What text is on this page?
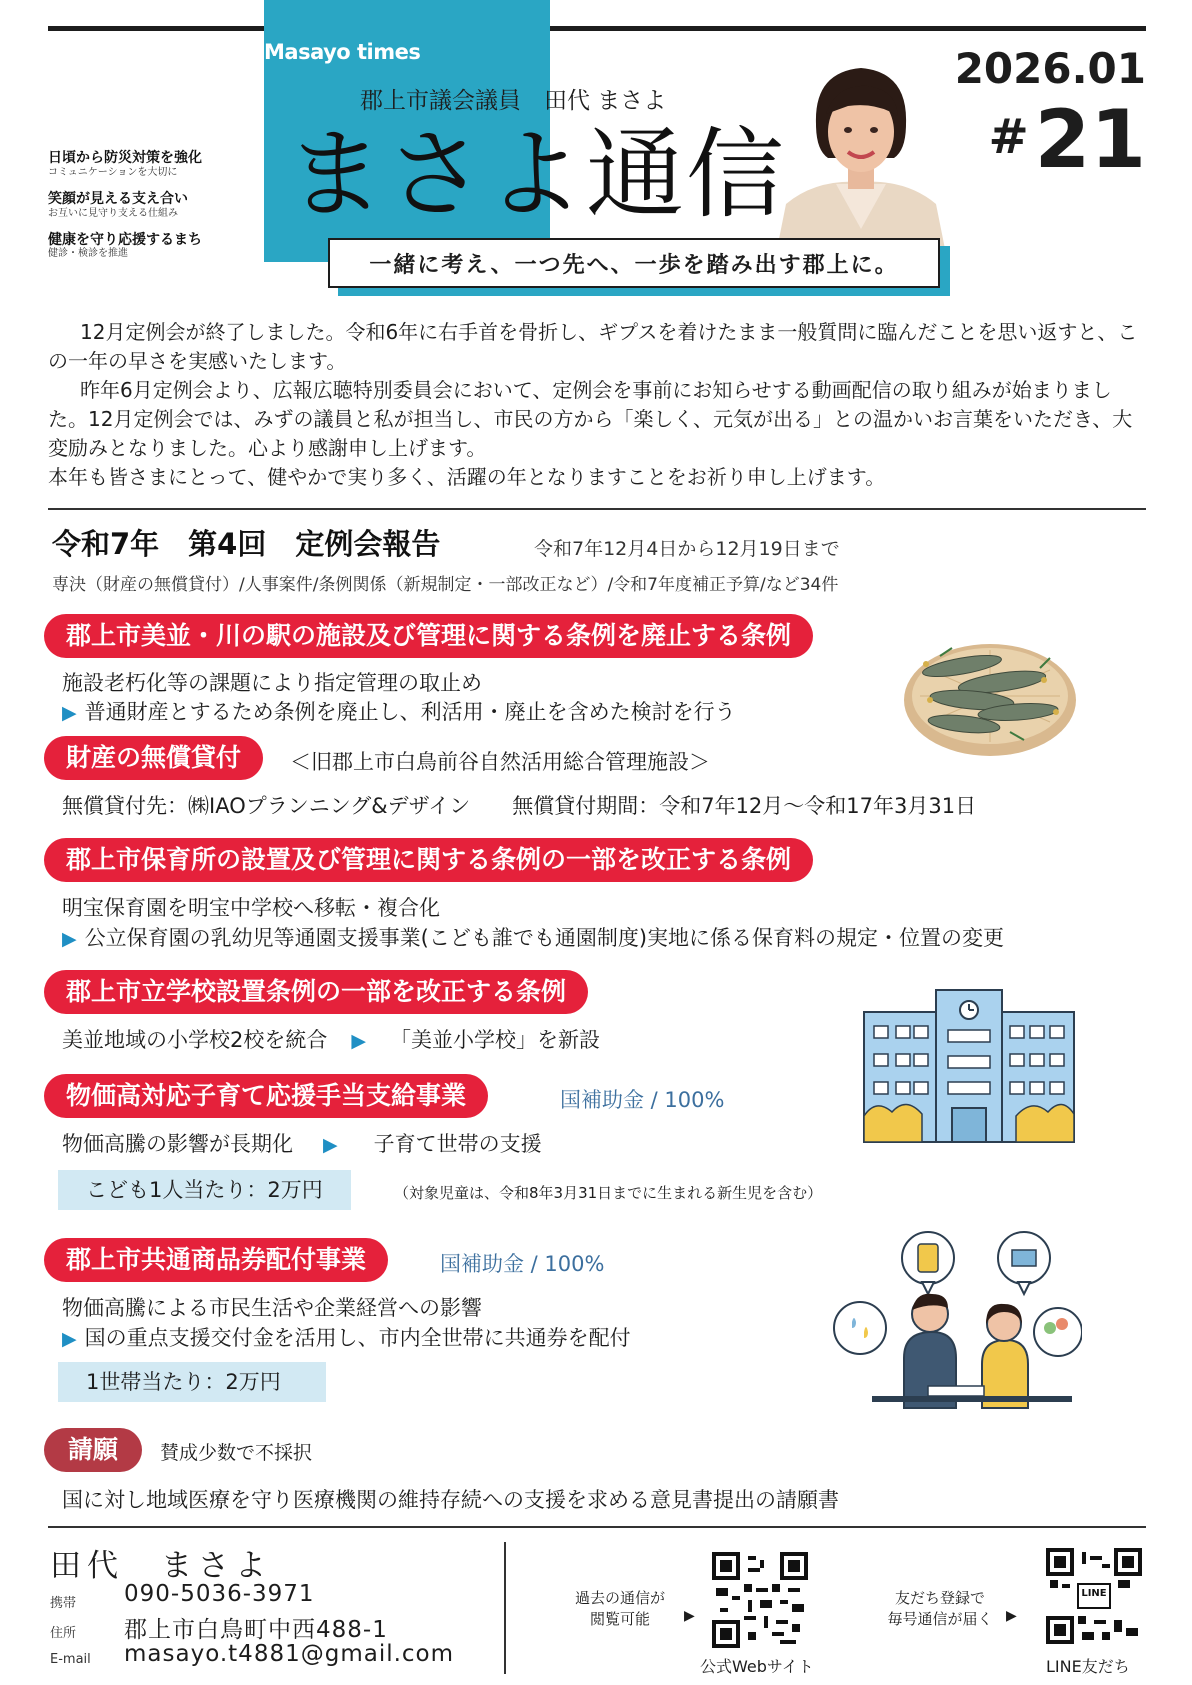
Masayo times
郡上市議会議員　田代 まさよ
まさよ通信
2026.01
#21
日頃から防災対策を強化
コミュニケーションを大切に
笑顔が見える支え合い
お互いに見守り支える仕組み
健康を守り応援するまち
健診・検診を推進	一緒に考え、一つ先へ、一歩を踏み出す郡上に。

12月定例会が終了しました。令和6年に右手首を骨折し、ギプスを着けたまま一般質問に臨んだことを思い返すと、この一年の早さを実感いたします。

昨年6月定例会より、広報広聴特別委員会において、定例会を事前にお知らせする動画配信の取り組みが始まりました。12月定例会では、みずの議員と私が担当し、市民の方から「楽しく、元気が出る」との温かいお言葉をいただき、大変励みとなりました。心より感謝申し上げます。

本年も皆さまにとって、健やかで実り多く、活躍の年となりますことをお祈り申し上げます。

令和7年　第4回　定例会報告	令和7年12月4日から12月19日まで
専決（財産の無償貸付）/人事案件/条例関係（新規制定・一部改正など）/令和7年度補正予算/など34件
郡上市美並・川の駅の施設及び管理に関する条例を廃止する条例
施設老朽化等の課題により指定管理の取止め
▶ 普通財産とするため条例を廃止し、利活用・廃止を含めた検討を行う
財産の無償貸付	＜旧郡上市白鳥前谷自然活用総合管理施設＞
無償貸付先：㈱IAOプランニング&デザイン　　無償貸付期間：令和7年12月～令和17年3月31日
郡上市保育所の設置及び管理に関する条例の一部を改正する条例
明宝保育園を明宝中学校へ移転・複合化
▶ 公立保育園の乳幼児等通園支援事業(こども誰でも通園制度)実地に係る保育料の規定・位置の変更
郡上市立学校設置条例の一部を改正する条例
美並地域の小学校2校を統合 ▶ 「美並小学校」を新設
物価高対応子育て応援手当支給事業	国補助金 / 100%
物価高騰の影響が長期化 ▶ 子育て世帯の支援
こども1人当たり：2万円	（対象児童は、令和8年3月31日までに生まれる新生児を含む）
郡上市共通商品券配付事業	国補助金 / 100%
物価高騰による市民生活や企業経営への影響
▶ 国の重点支援交付金を活用し、市内全世帯に共通券を配付
1世帯当たり：2万円
請願	賛成少数で不採択
国に対し地域医療を守り医療機関の維持存続への支援を求める意見書提出の請願書
田代　まさよ
携帯 090-5036-3971
住所 郡上市白鳥町中西488-1
E-mail masayo.t4881@gmail.com
過去の通信が
閲覧可能	▶
公式Webサイト
友だち登録で
毎号通信が届く ▶
LINE
LINE友だち
